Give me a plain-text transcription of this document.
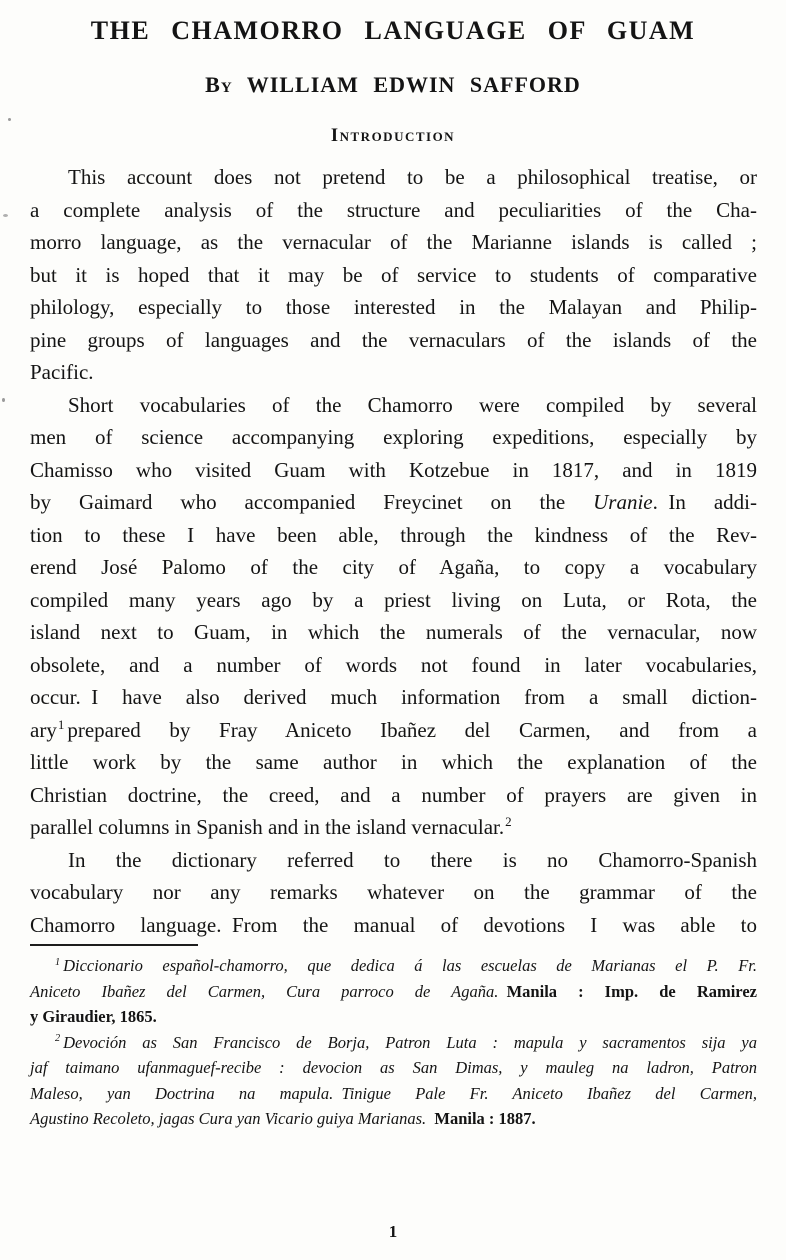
THE CHAMORRO LANGUAGE OF GUAM
By WILLIAM EDWIN SAFFORD
Introduction
This account does not pretend to be a philosophical treatise, or
a complete analysis of the structure and peculiarities of the Cha-
morro language, as the vernacular of the Marianne islands is called ;
but it is hoped that it may be of service to students of comparative
philology, especially to those interested in the Malayan and Philip-
pine groups of languages and the vernaculars of the islands of the
Pacific.
Short vocabularies of the Chamorro were compiled by several
men of science accompanying exploring expeditions, especially by
Chamisso who visited Guam with Kotzebue in 1817, and in 1819
by Gaimard who accompanied Freycinet on the Uranie. In addi-
tion to these I have been able, through the kindness of the Rev-
erend José Palomo of the city of Agaña, to copy a vocabulary
compiled many years ago by a priest living on Luta, or Rota, the
island next to Guam, in which the numerals of the vernacular, now
obsolete, and a number of words not found in later vocabularies,
occur. I have also derived much information from a small diction-
ary$^1$ prepared by Fray Aniceto Ibañez del Carmen, and from a
little work by the same author in which the explanation of the
Christian doctrine, the creed, and a number of prayers are given in
parallel columns in Spanish and in the island vernacular.$^2$
In the dictionary referred to there is no Chamorro-Spanish
vocabulary nor any remarks whatever on the grammar of the
Chamorro language. From the manual of devotions I was able to
$^1$ Diccionario español-chamorro, que dedica á las escuelas de Marianas el P. Fr.
Aniceto Ibañez del Carmen, Cura parroco de Agaña. Manila : Imp. de Ramirez
y Giraudier, 1865.
$^2$ Devoción as San Francisco de Borja, Patron Luta : mapula y sacramentos sija ya
jaf taimano ufanmaguef-recibe : devocion as San Dimas, y mauleg na ladron, Patron
Maleso, yan Doctrina na mapula. Tinigue Pale Fr. Aniceto Ibañez del Carmen,
Agustino Recoleto, jagas Cura yan Vicario guiya Marianas. Manila : 1887.
1
